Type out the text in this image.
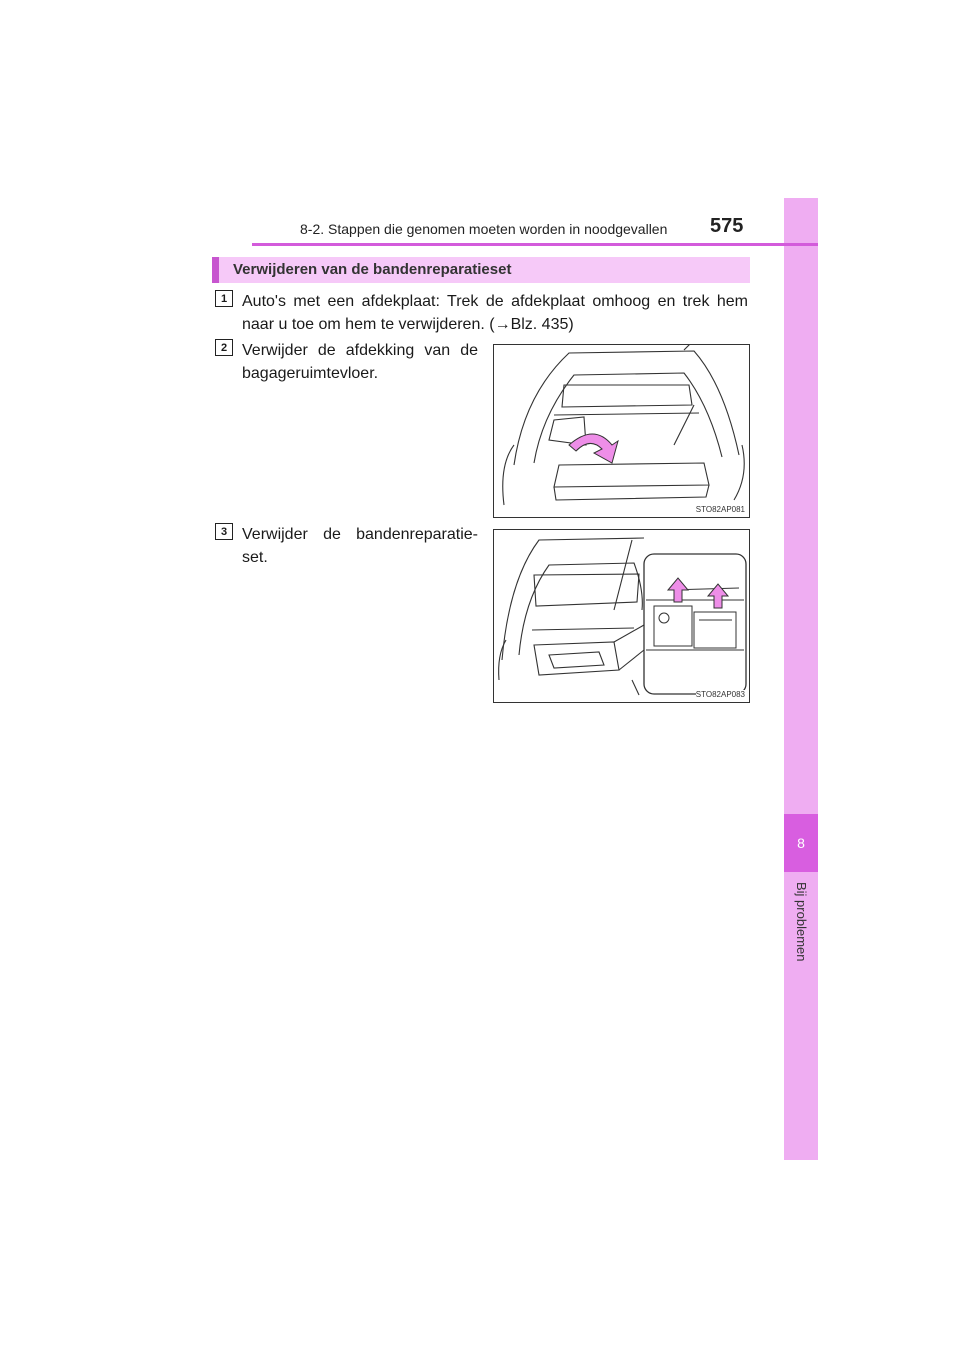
8
Bij problemen
8-2. Stappen die genomen moeten worden in noodgevallen 575
Verwijderen van de bandenreparatieset
1 Auto's met een afdekplaat: Trek de afdekplaat omhoog en trek hem naar u toe om hem te verwijderen. (→Blz. 435)
2 Verwijder de afdekking van de bagageruimtevloer.
3 Verwijder de bandenreparatie-set.
STO82AP081
STO82AP083
